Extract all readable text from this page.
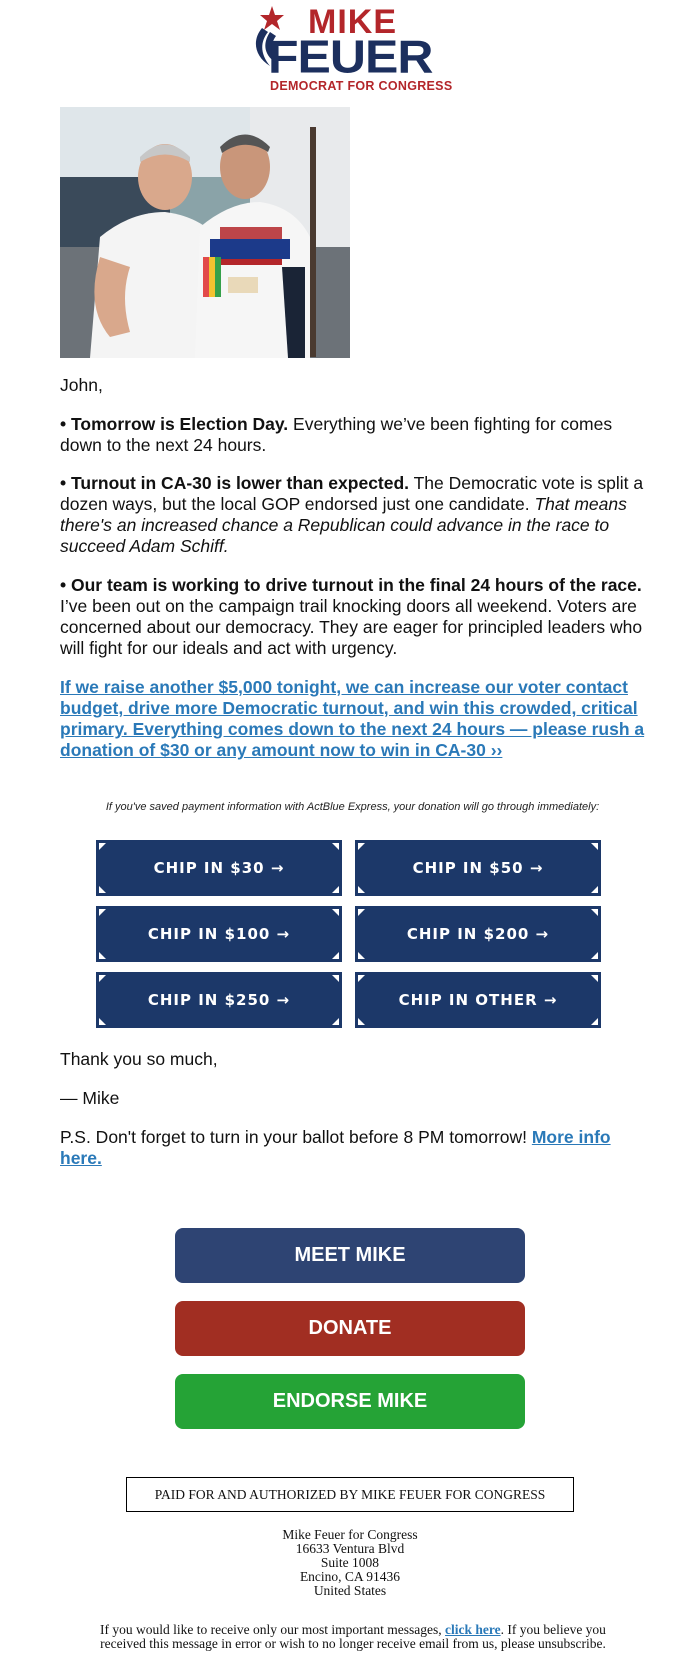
MIKE
FEUER
DEMOCRAT FOR CONGRESS
John,
• Tomorrow is Election Day. Everything we’ve been fighting for comes down to the next 24 hours.
• Turnout in CA-30 is lower than expected. The Democratic vote is split a dozen ways, but the local GOP endorsed just one candidate. That means there's an increased chance a Republican could advance in the race to succeed Adam Schiff.
• Our team is working to drive turnout in the final 24 hours of the race. I’ve been out on the campaign trail knocking doors all weekend. Voters are concerned about our democracy. They are eager for principled leaders who will fight for our ideals and act with urgency.
If we raise another $5,000 tonight, we can increase our voter contact budget, drive more Democratic turnout, and win this crowded, critical primary. Everything comes down to the next 24 hours — please rush a donation of $30 or any amount now to win in CA-30 ››
If you've saved payment information with ActBlue Express, your donation will go through immediately:
CHIP IN $30 →	CHIP IN $50 →
CHIP IN $100 →	CHIP IN $200 →
CHIP IN $250 →	CHIP IN OTHER →
Thank you so much,
— Mike
P.S. Don't forget to turn in your ballot before 8 PM tomorrow! More info here.
MEET MIKE
DONATE
ENDORSE MIKE
PAID FOR AND AUTHORIZED BY MIKE FEUER FOR CONGRESS
Mike Feuer for Congress
16633 Ventura Blvd
Suite 1008
Encino, CA 91436
United States
If you would like to receive only our most important messages, click here. If you believe you received this message in error or wish to no longer receive email from us, please unsubscribe.
